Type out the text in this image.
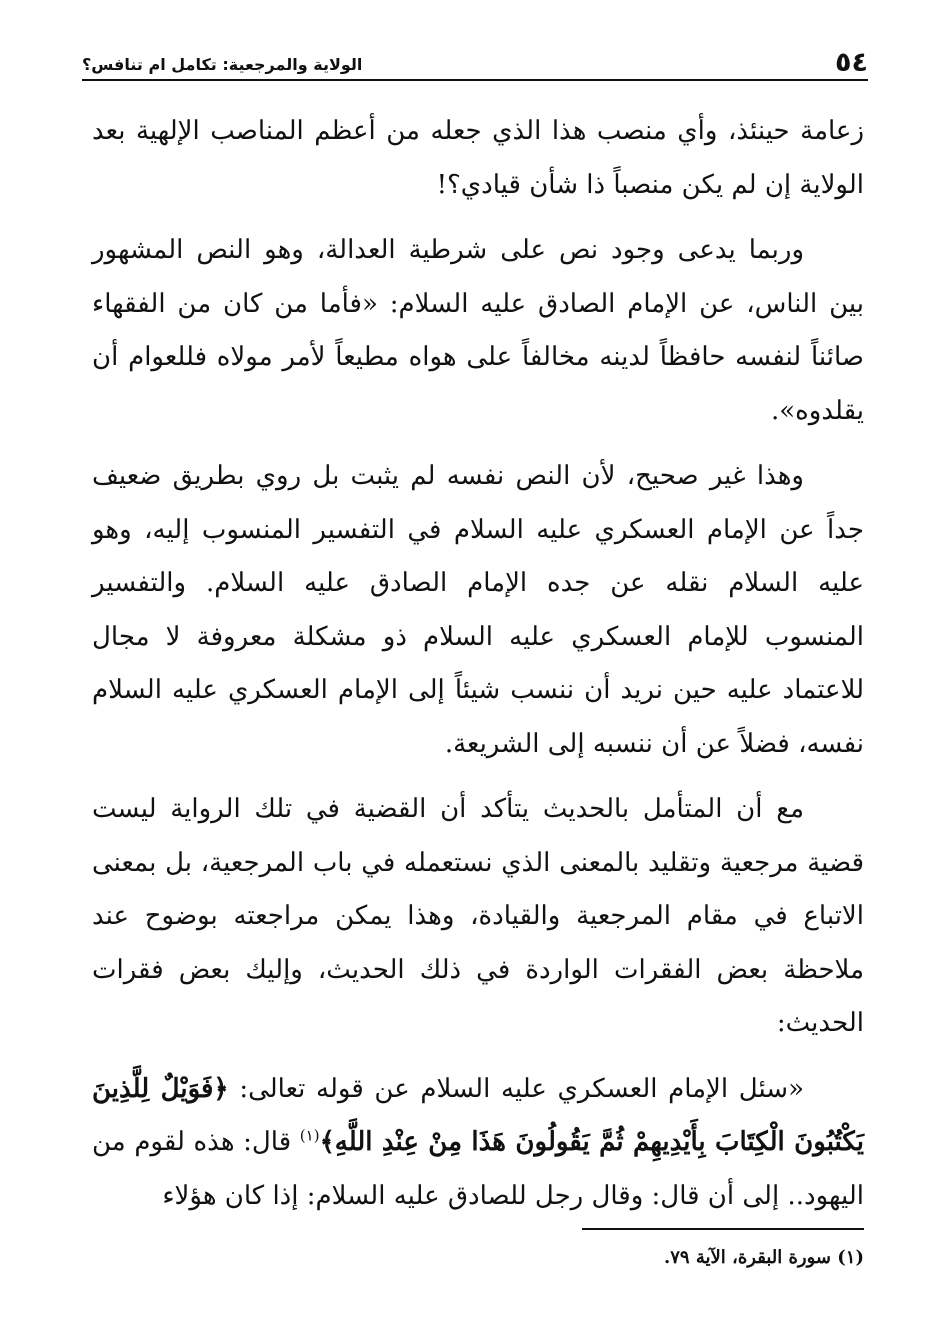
٥٤
الولاية والمرجعية: تكامل ام تنافس؟

زعامة حينئذ، وأي منصب هذا الذي جعله من أعظم المناصب الإلهية بعد الولاية إن لم يكن منصباً ذا شأن قيادي؟!

وربما يدعى وجود نص على شرطية العدالة، وهو النص المشهور بين الناس، عن الإمام الصادق عليه السلام: «فأما من كان من الفقهاء صائناً لنفسه حافظاً لدينه مخالفاً على هواه مطيعاً لأمر مولاه فللعوام أن يقلدوه».

وهذا غير صحيح، لأن النص نفسه لم يثبت بل روي بطريق ضعيف جداً عن الإمام العسكري عليه السلام في التفسير المنسوب إليه، وهو عليه السلام نقله عن جده الإمام الصادق عليه السلام. والتفسير المنسوب للإمام العسكري عليه السلام ذو مشكلة معروفة لا مجال للاعتماد عليه حين نريد أن ننسب شيئاً إلى الإمام العسكري عليه السلام نفسه، فضلاً عن أن ننسبه إلى الشريعة.

مع أن المتأمل بالحديث يتأكد أن القضية في تلك الرواية ليست قضية مرجعية وتقليد بالمعنى الذي نستعمله في باب المرجعية، بل بمعنى الاتباع في مقام المرجعية والقيادة، وهذا يمكن مراجعته بوضوح عند ملاحظة بعض الفقرات الواردة في ذلك الحديث، وإليك بعض فقرات الحديث:

«سئل الإمام العسكري عليه السلام عن قوله تعالى: ﴿فَوَيْلٌ لِلَّذِينَ يَكْتُبُونَ الْكِتَابَ بِأَيْدِيهِمْ ثُمَّ يَقُولُونَ هَذَا مِنْ عِنْدِ اللَّهِ﴾$^{(١)}$ قال: هذه لقوم من اليهود.. إلى أن قال: وقال رجل للصادق عليه السلام: إذا كان هؤلاء

(١) سورة البقرة، الآية ٧٩.
